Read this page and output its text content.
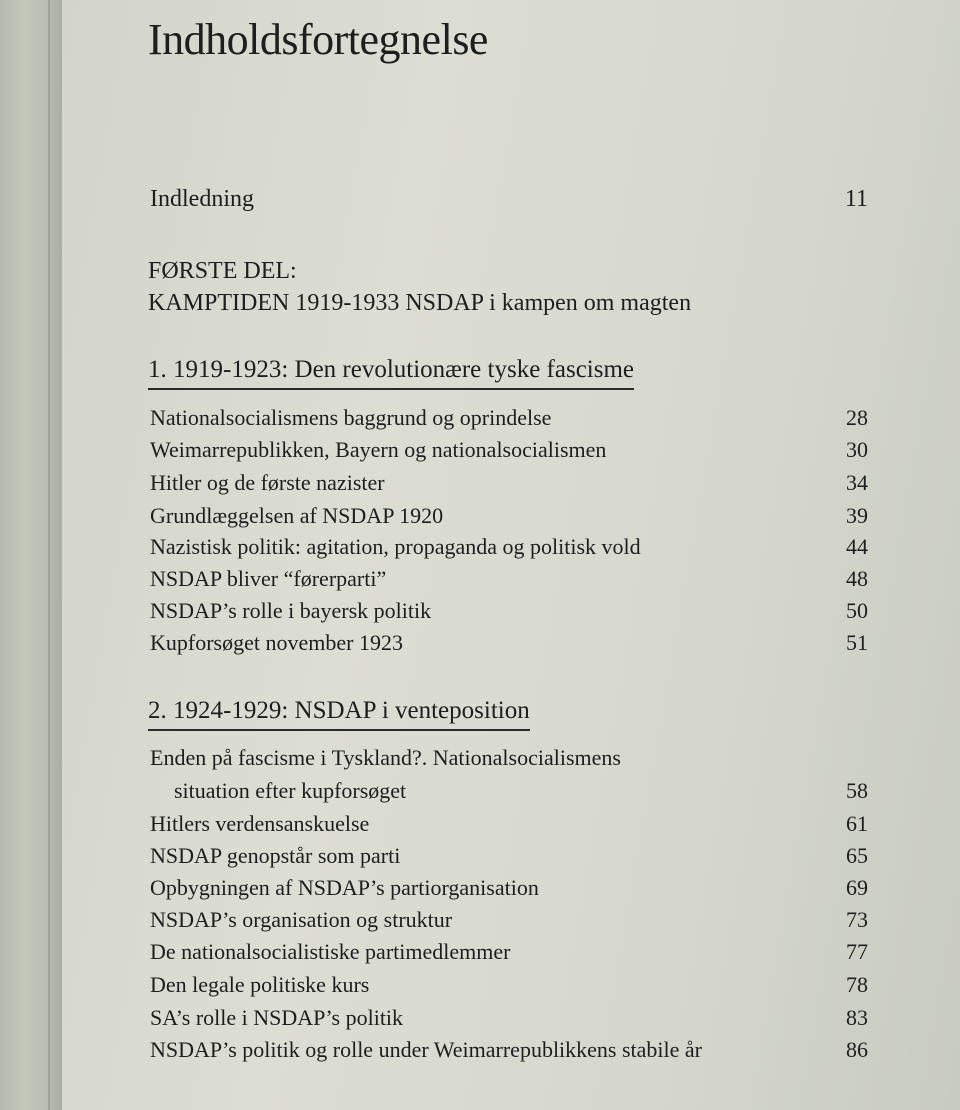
Indholdsfortegnelse
Indledning	11
FØRSTE DEL:
KAMPTIDEN 1919-1933 NSDAP i kampen om magten
1. 1919-1923: Den revolutionære tyske fascisme
Nationalsocialismens baggrund og oprindelse	28
Weimarrepublikken, Bayern og nationalsocialismen	30
Hitler og de første nazister	34
Grundlæggelsen af NSDAP 1920	39
Nazistisk politik: agitation, propaganda og politisk vold	44
NSDAP bliver “førerparti”	48
NSDAP’s rolle i bayersk politik	50
Kupforsøget november 1923	51
2. 1924-1929: NSDAP i venteposition
Enden på fascisme i Tyskland?. Nationalsocialismens
situation efter kupforsøget	58
Hitlers verdensanskuelse	61
NSDAP genopstår som parti	65
Opbygningen af NSDAP’s partiorganisation	69
NSDAP’s organisation og struktur	73
De nationalsocialistiske partimedlemmer	77
Den legale politiske kurs	78
SA’s rolle i NSDAP’s politik	83
NSDAP’s politik og rolle under Weimarrepublikkens stabile år	86
